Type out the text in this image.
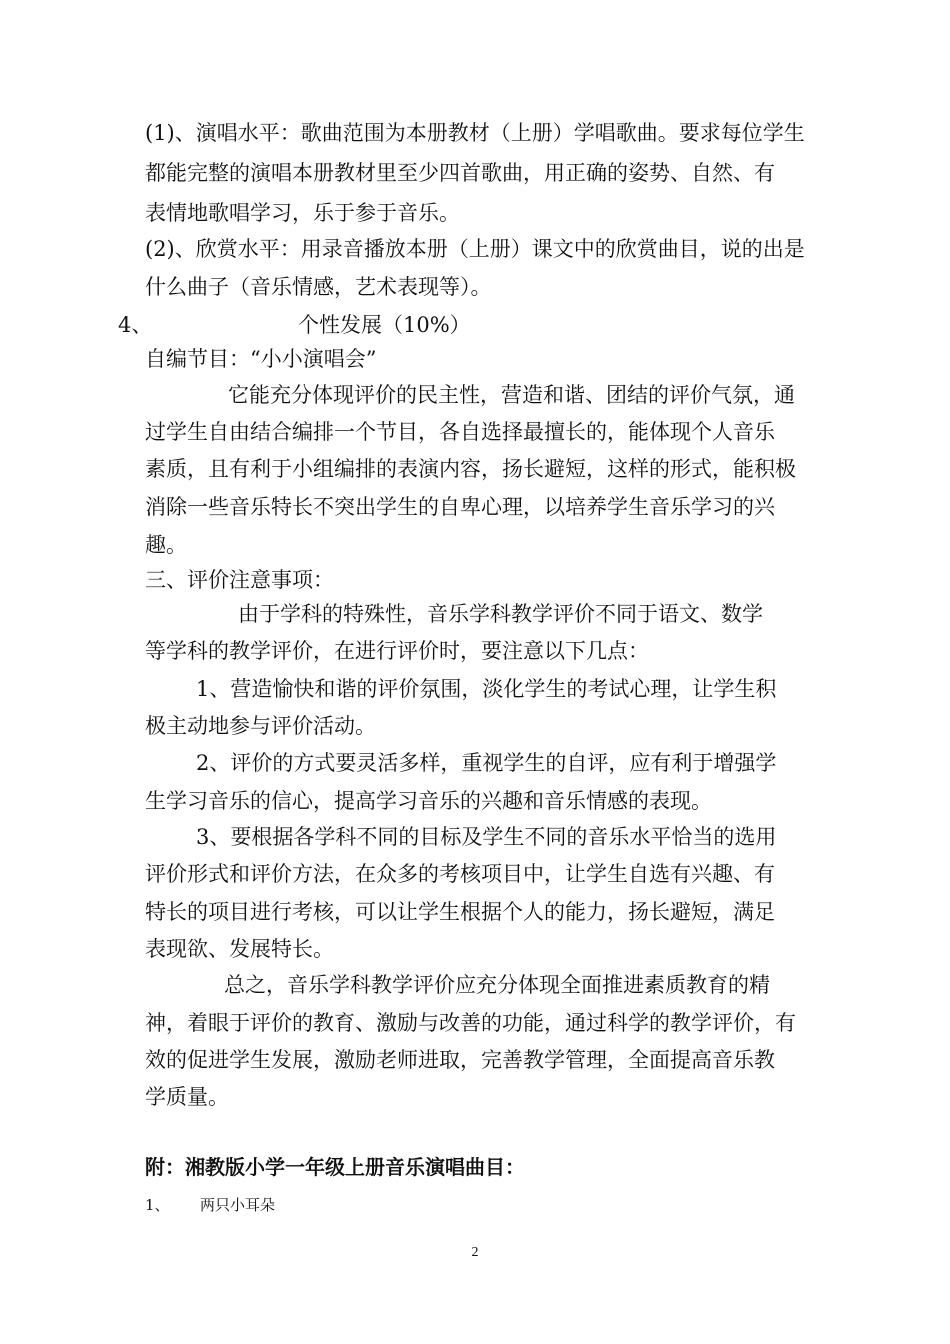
(1)、演唱水平：歌曲范围为本册教材（上册）学唱歌曲。要求每位学生
都能完整的演唱本册教材里至少四首歌曲，用正确的姿势、自然、有
表情地歌唱学习，乐于参于音乐。
(2)、欣赏水平：用录音播放本册（上册）课文中的欣赏曲目，说的出是
什么曲子（音乐情感，艺术表现等）。
4、	个性发展（10%）
自编节目：“小小演唱会”
它能充分体现评价的民主性，营造和谐、团结的评价气氛，通
过学生自由结合编排一个节目，各自选择最擅长的，能体现个人音乐
素质，且有利于小组编排的表演内容，扬长避短，这样的形式，能积极
消除一些音乐特长不突出学生的自卑心理，以培养学生音乐学习的兴
趣。
三、评价注意事项：
由于学科的特殊性，音乐学科教学评价不同于语文、数学
等学科的教学评价，在进行评价时，要注意以下几点：
1、营造愉快和谐的评价氛围，淡化学生的考试心理，让学生积
极主动地参与评价活动。
2、评价的方式要灵活多样，重视学生的自评，应有利于增强学
生学习音乐的信心，提高学习音乐的兴趣和音乐情感的表现。
3、要根据各学科不同的目标及学生不同的音乐水平恰当的选用
评价形式和评价方法，在众多的考核项目中，让学生自选有兴趣、有
特长的项目进行考核，可以让学生根据个人的能力，扬长避短，满足
表现欲、发展特长。
总之，音乐学科教学评价应充分体现全面推进素质教育的精
神，着眼于评价的教育、激励与改善的功能，通过科学的教学评价，有
效的促进学生发展，激励老师进取，完善教学管理，全面提高音乐教
学质量。
附：湘教版小学一年级上册音乐演唱曲目：
1、 两只小耳朵
2
